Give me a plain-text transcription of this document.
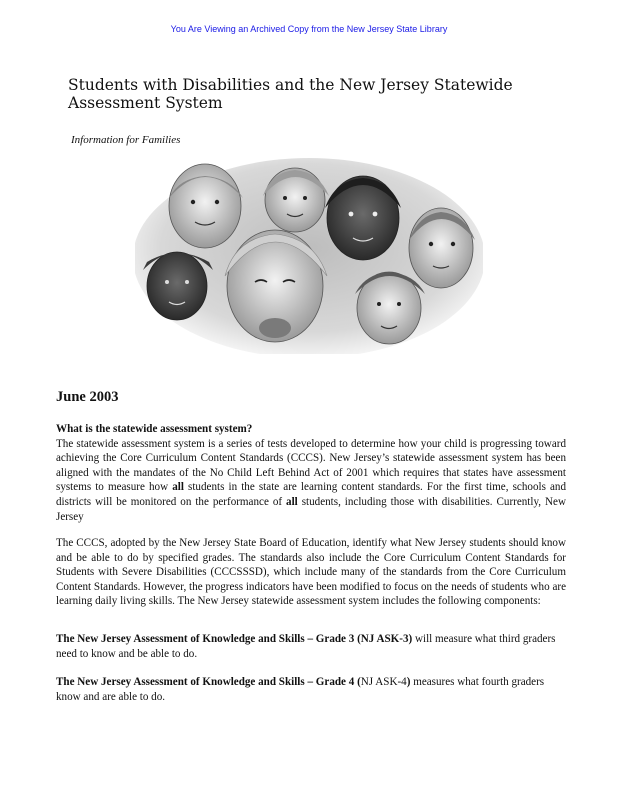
You Are Viewing an Archived Copy from the New Jersey State Library

Students with Disabilities and the New Jersey Statewide Assessment System

Information for Families

June 2003

What is the statewide assessment system?
The statewide assessment system is a series of tests developed to determine how your child is progressing toward achieving the Core Curriculum Content Standards (CCCS). New Jersey’s statewide assessment system has been aligned with the mandates of the No Child Left Behind Act of 2001 which requires that states have assessment systems to measure how all students in the state are learning content standards. For the first time, schools and districts will be monitored on the performance of all students, including those with disabilities. Currently, New Jersey

The CCCS, adopted by the New Jersey State Board of Education, identify what New Jersey students should know and be able to do by specified grades. The standards also include the Core Curriculum Content Standards for Students with Severe Disabilities (CCCSSSD), which include many of the standards from the Core Curriculum Content Standards. However, the progress indicators have been modified to focus on the needs of students who are learning daily living skills. The New Jersey statewide assessment system includes the following components:

The New Jersey Assessment of Knowledge and Skills – Grade 3 (NJ ASK-3) will measure what third graders need to know and be able to do.

The New Jersey Assessment of Knowledge and Skills – Grade 4 (NJ ASK-4) measures what fourth graders know and are able to do.
